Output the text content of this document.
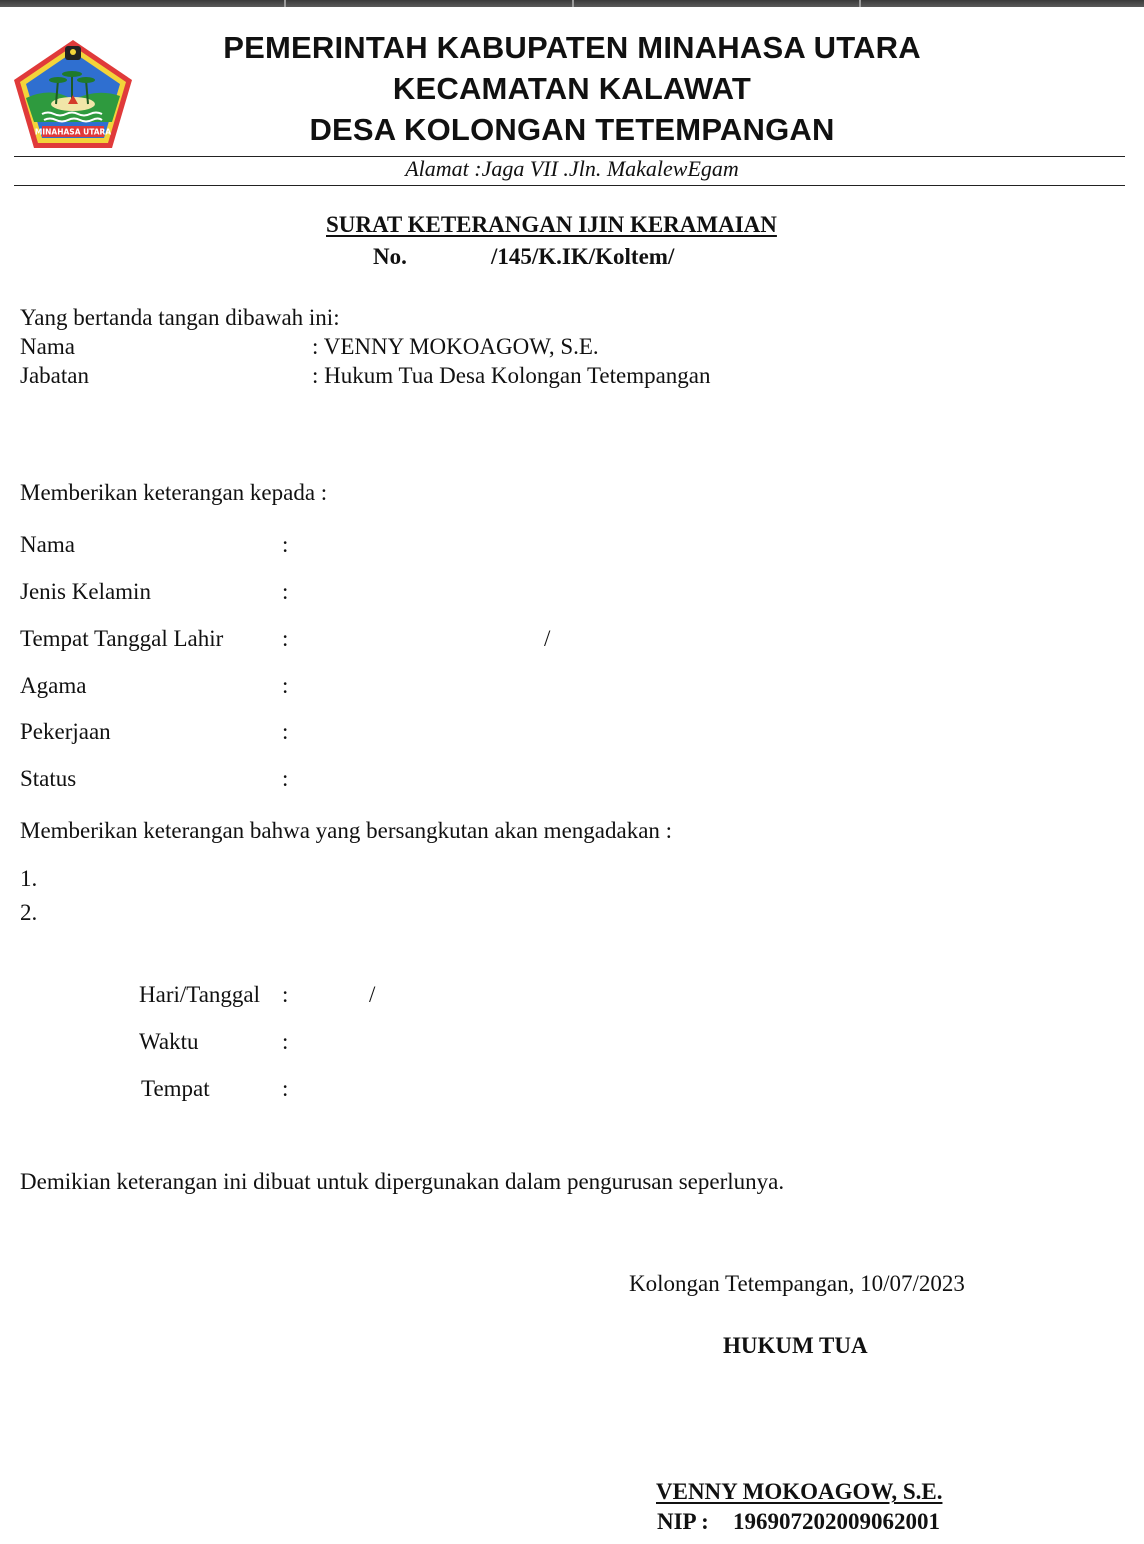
MINAHASA UTARA
PEMERINTAH KABUPATEN MINAHASA UTARA
KECAMATAN KALAWAT
DESA KOLONGAN TETEMPANGAN
Alamat :Jaga VII .Jln. MakalewEgam
SURAT KETERANGAN IJIN KERAMAIAN
No.	/145/K.IK/Koltem/
Yang bertanda tangan dibawah ini:
Nama	: VENNY MOKOAGOW, S.E.
Jabatan	: Hukum Tua Desa Kolongan Tetempangan
Memberikan keterangan kepada :
Nama	:
Jenis Kelamin	:
Tempat Tanggal Lahir	:	/
Agama	:
Pekerjaan	:
Status	:
Memberikan keterangan bahwa yang bersangkutan akan mengadakan :
1.
2.
Hari/Tanggal :	/
Waktu	:
Tempat	:
Demikian keterangan ini dibuat untuk dipergunakan dalam pengurusan seperlunya.
Kolongan Tetempangan, 10/07/2023
HUKUM TUA
VENNY MOKOAGOW, S.E.
NIP : 196907202009062001
